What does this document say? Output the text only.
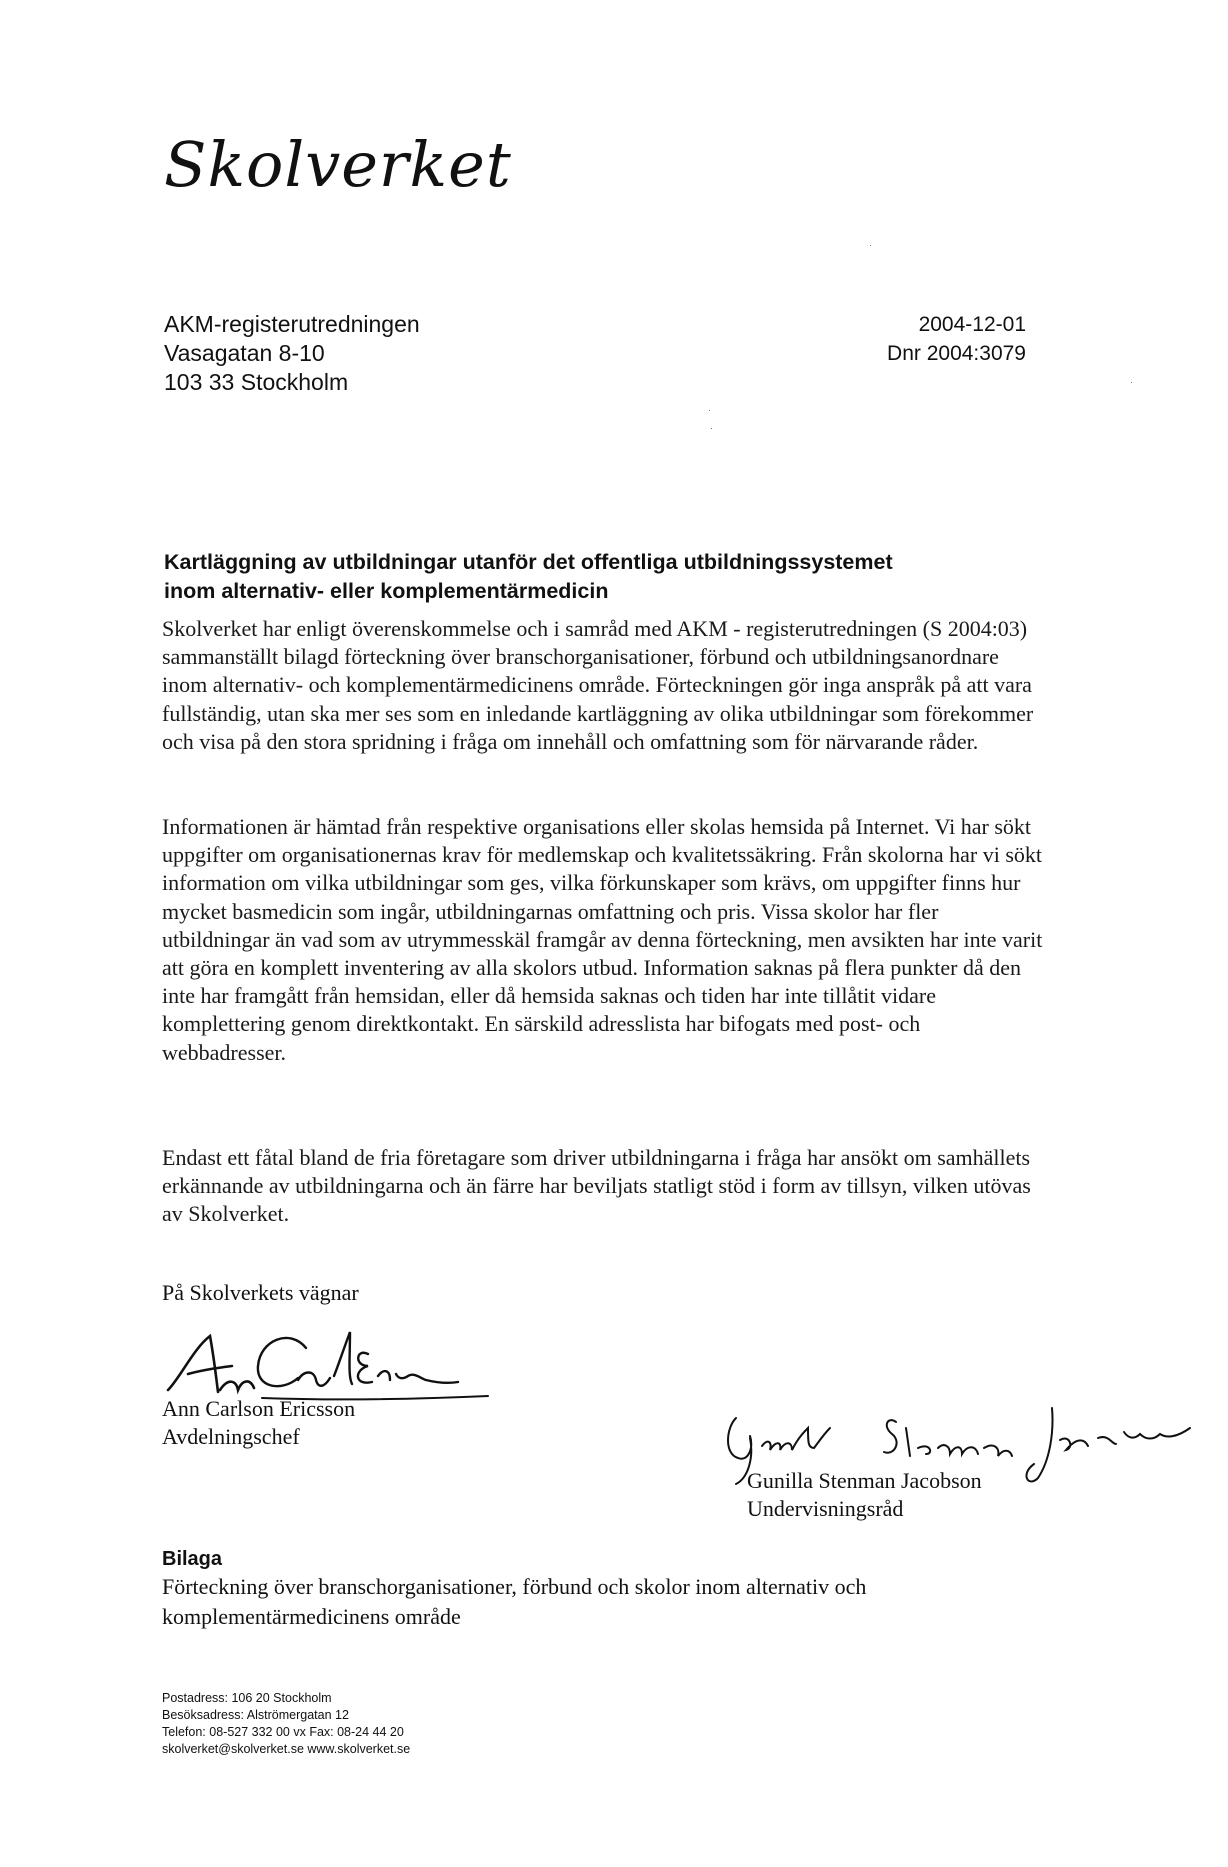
Skolverket
AKM-registerutredningen
Vasagatan 8-10
103 33 Stockholm
2004-12-01
Dnr 2004:3079
Kartläggning av utbildningar utanför det offentliga utbildningssystemet
inom alternativ- eller komplementärmedicin

Skolverket har enligt överenskommelse och i samråd med AKM - registerutredningen (S 2004:03) sammanställt bilagd förteckning över branschorganisationer, förbund och utbildningsanordnare inom alternativ- och komplementärmedicinens område. Förteckningen gör inga anspråk på att vara fullständig, utan ska mer ses som en inledande kartläggning av olika utbildningar som förekommer och visa på den stora spridning i fråga om innehåll och omfattning som för närvarande råder.

Informationen är hämtad från respektive organisations eller skolas hemsida på Internet. Vi har sökt uppgifter om organisationernas krav för medlemskap och kvalitetssäkring. Från skolorna har vi sökt information om vilka utbildningar som ges, vilka förkunskaper som krävs, om uppgifter finns hur mycket basmedicin som ingår, utbildningarnas omfattning och pris. Vissa skolor har fler utbildningar än vad som av utrymmesskäl framgår av denna förteckning, men avsikten har inte varit att göra en komplett inventering av alla skolors utbud. Information saknas på flera punkter då den inte har framgått från hemsidan, eller då hemsida saknas och tiden har inte tillåtit vidare komplettering genom direktkontakt. En särskild adresslista har bifogats med post- och webbadresser.

Endast ett fåtal bland de fria företagare som driver utbildningarna i fråga har ansökt om samhällets erkännande av utbildningarna och än färre har beviljats statligt stöd i form av tillsyn, vilken utövas av Skolverket.

På Skolverkets vägnar
Ann Carlson Ericsson
Avdelningschef
Gunilla Stenman Jacobson
Undervisningsråd
Bilaga
Förteckning över branschorganisationer, förbund och skolor inom alternativ och komplementärmedicinens område
Postadress: 106 20 Stockholm
Besöksadress: Alströmergatan 12
Telefon: 08-527 332 00 vx Fax: 08-24 44 20
skolverket@skolverket.se www.skolverket.se
